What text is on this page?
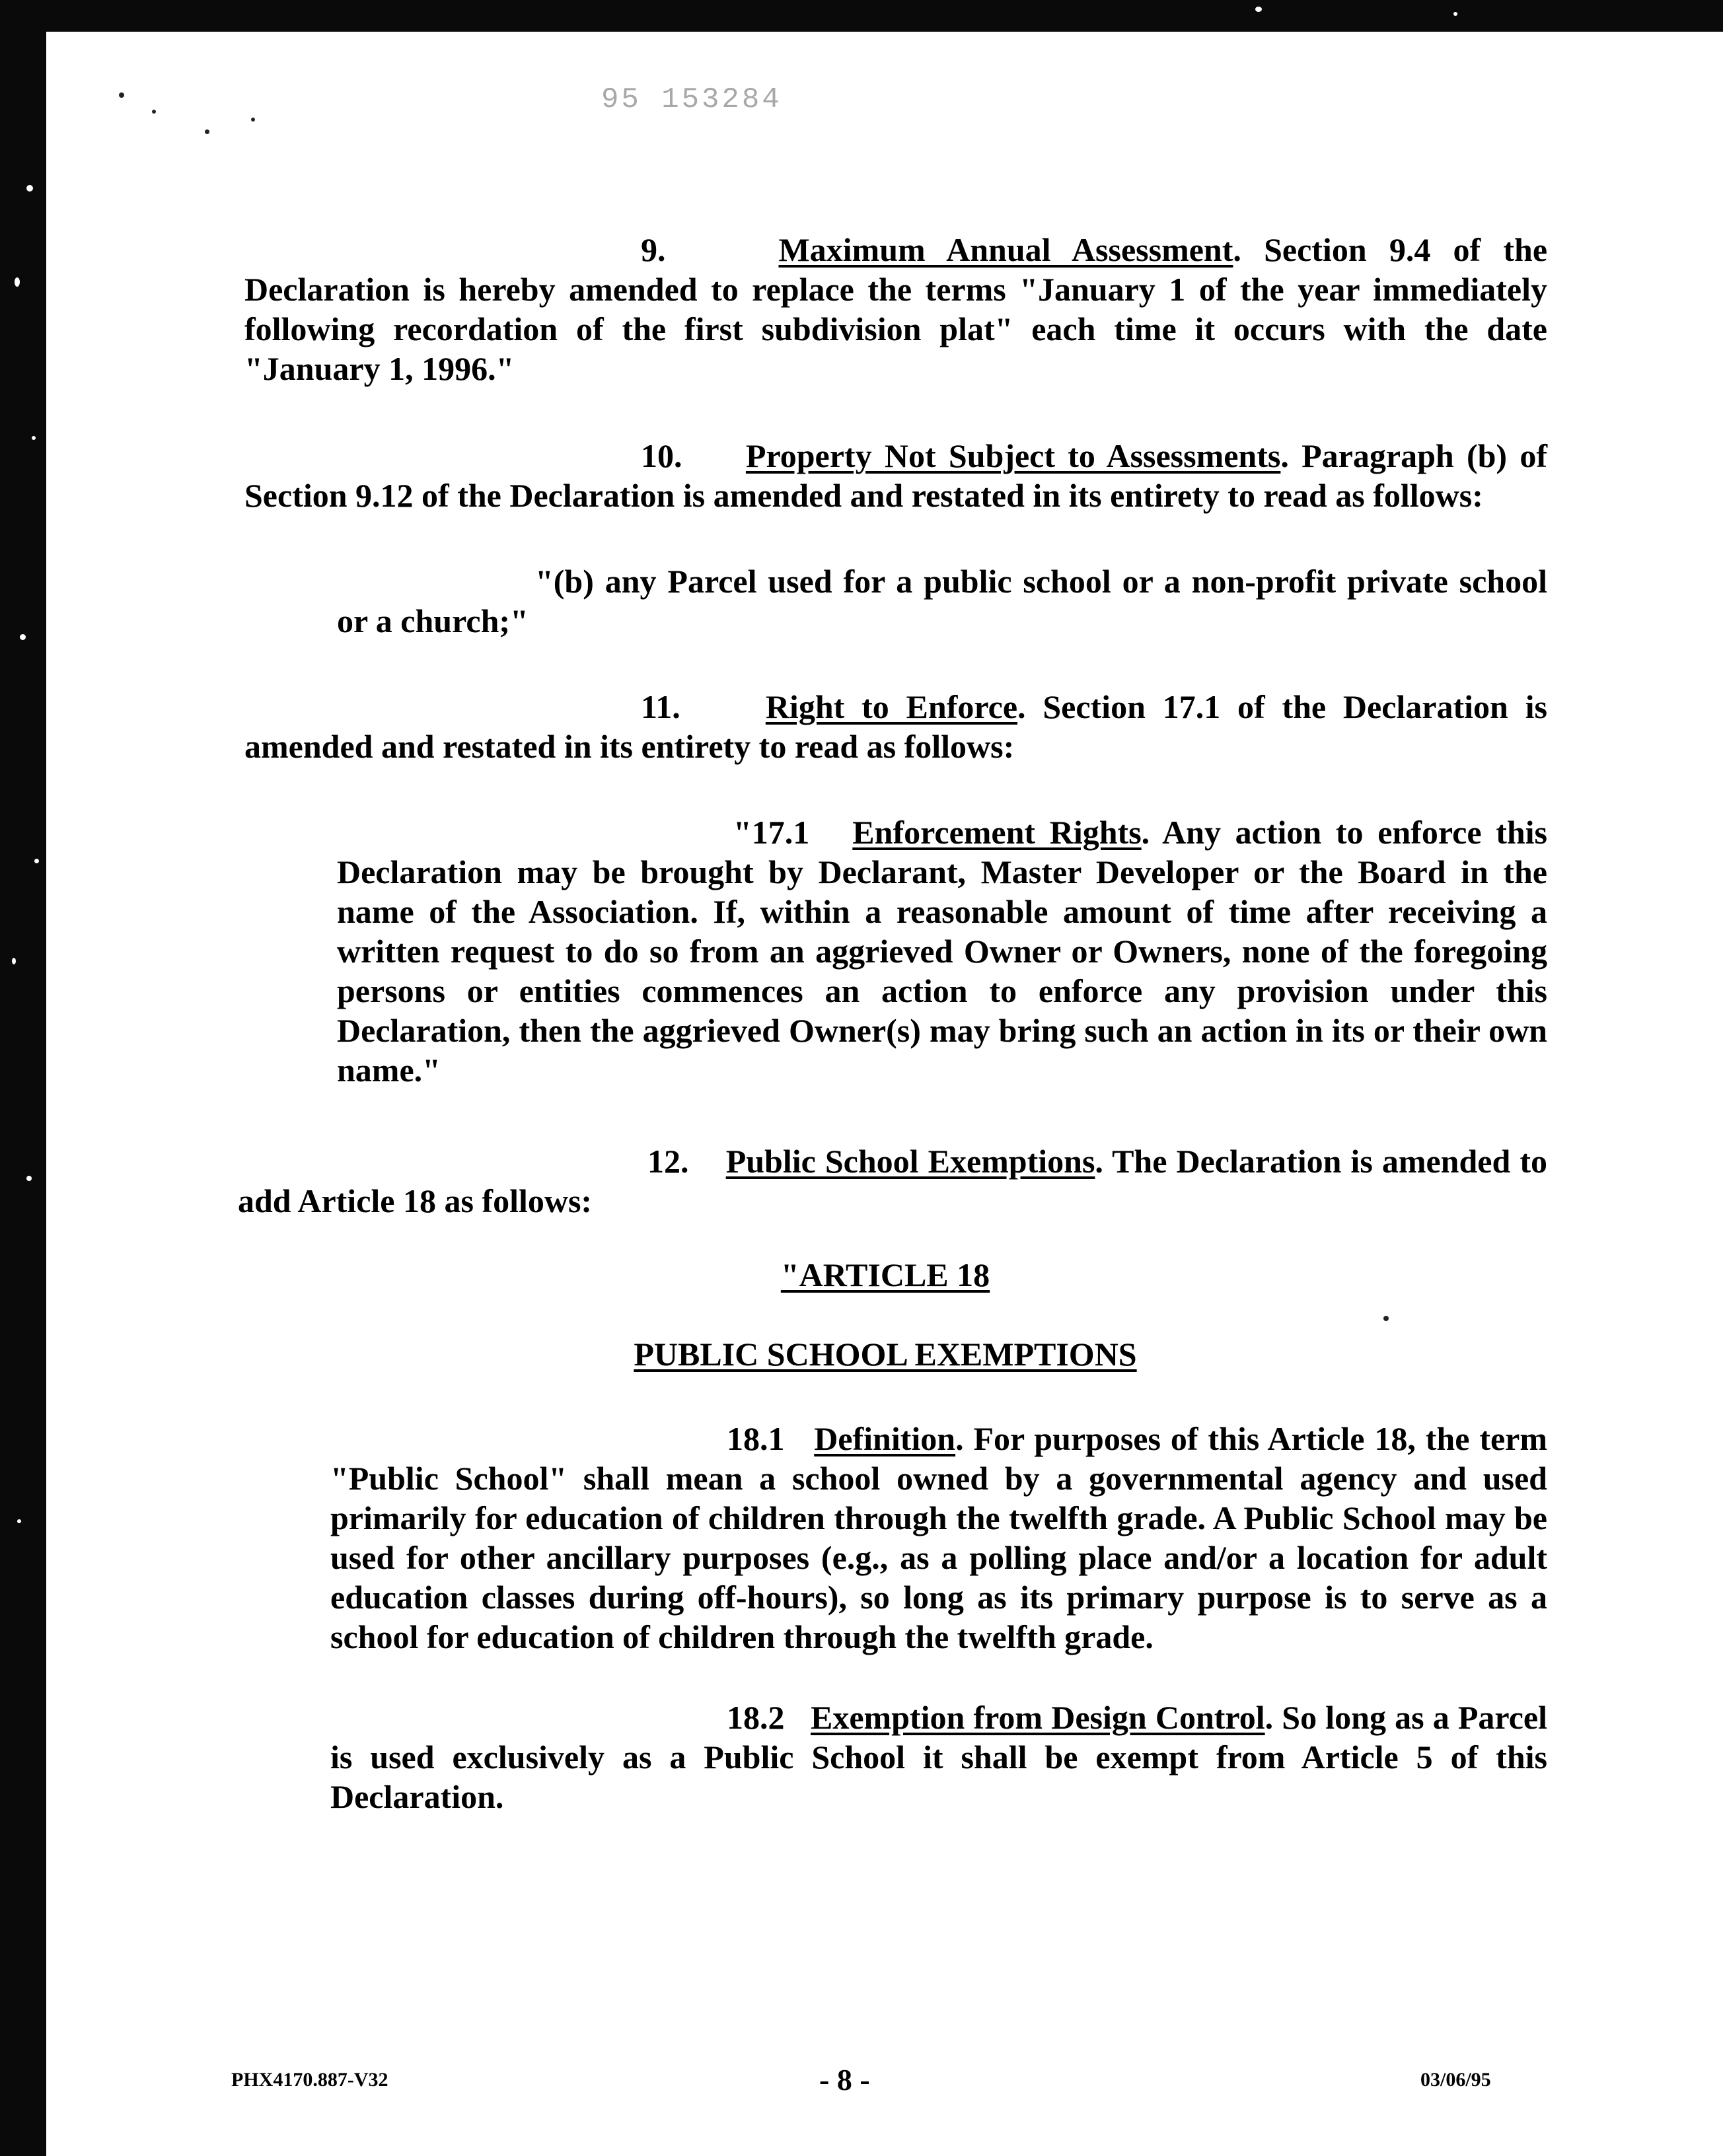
95 153284

9.	Maximum Annual Assessment. Section 9.4 of the Declaration is hereby amended to replace the terms "January 1 of the year immediately following recordation of the first subdivision plat" each time it occurs with the date "January 1, 1996."

10. Property Not Subject to Assessments. Paragraph (b) of Section 9.12 of the Declaration is amended and restated in its entirety to read as follows:

"(b) any Parcel used for a public school or a non-profit private school or a church;"

11.	Right to Enforce. Section 17.1 of the Declaration is amended and restated in its entirety to read as follows:

"17.1 Enforcement Rights. Any action to enforce this Declaration may be brought by Declarant, Master Developer or the Board in the name of the Association. If, within a reasonable amount of time after receiving a written request to do so from an aggrieved Owner or Owners, none of the foregoing persons or entities commences an action to enforce any provision under this Declaration, then the aggrieved Owner(s) may bring such an action in its or their own name."

12. Public School Exemptions. The Declaration is amended to add Article 18 as follows:

"ARTICLE 18

PUBLIC SCHOOL EXEMPTIONS

18.1 Definition. For purposes of this Article 18, the term "Public School" shall mean a school owned by a governmental agency and used primarily for education of children through the twelfth grade. A Public School may be used for other ancillary purposes (e.g., as a polling place and/or a location for adult education classes during off-hours), so long as its primary purpose is to serve as a school for education of children through the twelfth grade.

18.2 Exemption from Design Control. So long as a Parcel is used exclusively as a Public School it shall be exempt from Article 5 of this Declaration.

PHX4170.887-V32	- 8 -	03/06/95
